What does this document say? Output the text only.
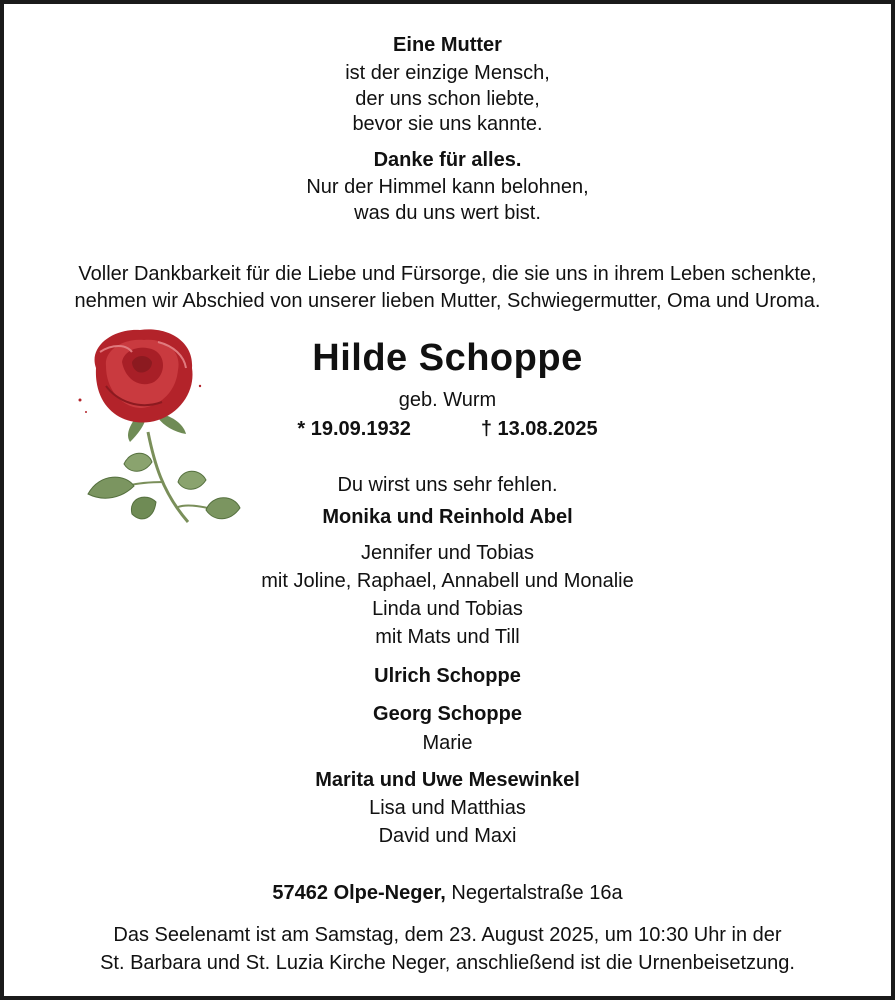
Eine Mutter
ist der einzige Mensch,
der uns schon liebte,
bevor sie uns kannte.
Danke für alles.
Nur der Himmel kann belohnen,
was du uns wert bist.
Voller Dankbarkeit für die Liebe und Fürsorge, die sie uns in ihrem Leben schenkte,
nehmen wir Abschied von unserer lieben Mutter, Schwiegermutter, Oma und Uroma.
Hilde Schoppe
geb. Wurm
* 19.09.1932	† 13.08.2025
Du wirst uns sehr fehlen.
Monika und Reinhold Abel
Jennifer und Tobias
mit Joline, Raphael, Annabell und Monalie
Linda und Tobias
mit Mats und Till
Ulrich Schoppe
Georg Schoppe
Marie
Marita und Uwe Mesewinkel
Lisa und Matthias
David und Maxi
57462 Olpe-Neger, Negertalstraße 16a
Das Seelenamt ist am Samstag, dem 23. August 2025, um 10:30 Uhr in der
St. Barbara und St. Luzia Kirche Neger, anschließend ist die Urnenbeisetzung.
